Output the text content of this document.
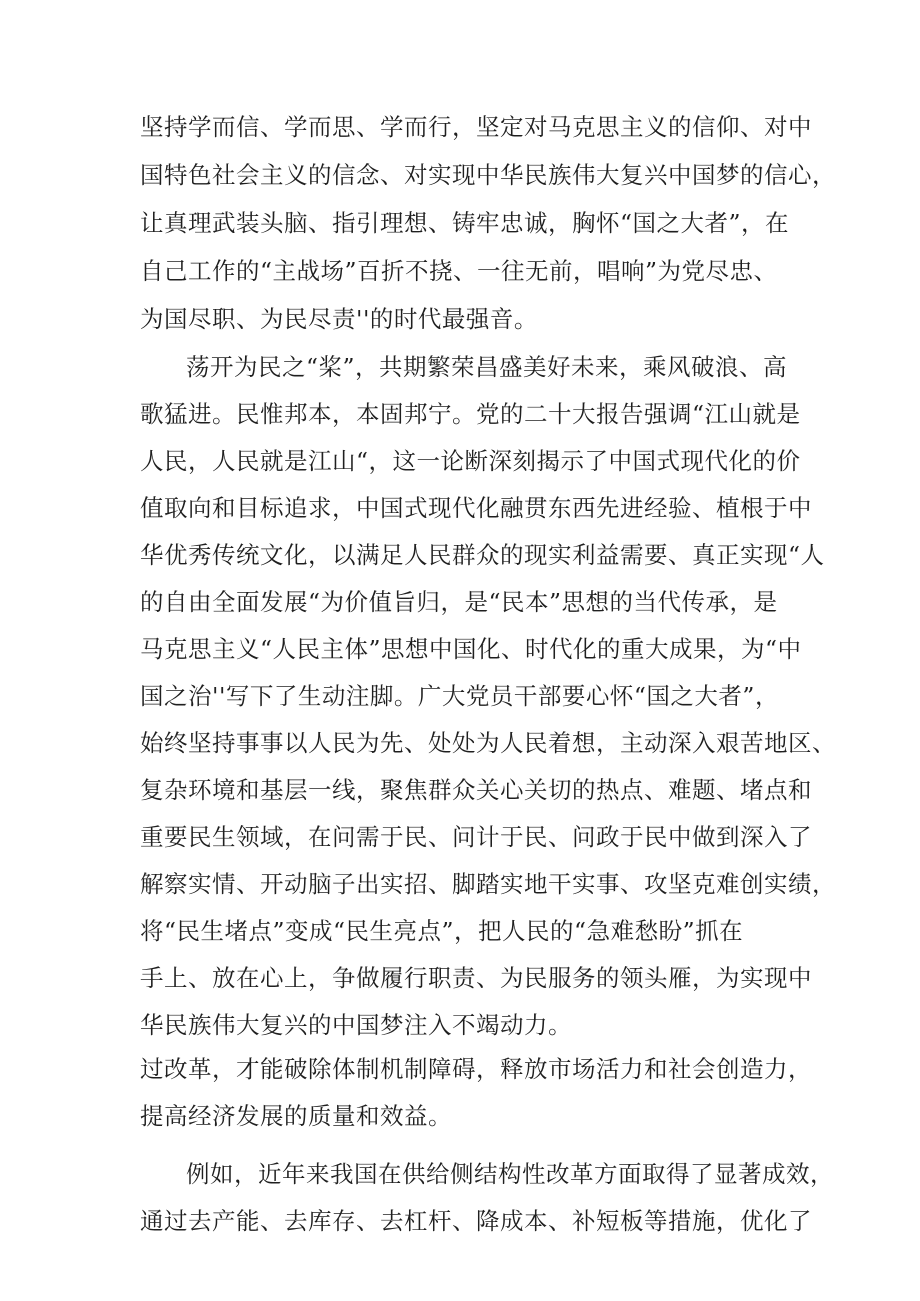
坚持学而信、学而思、学而行，坚定对马克思主义的信仰、对中
国特色社会主义的信念、对实现中华民族伟大复兴中国梦的信心，
让真理武装头脑、指引理想、铸牢忠诚，胸怀“国之大者”，在
自己工作的“主战场”百折不挠、一往无前，唱响”为党尽忠、
为国尽职、为民尽责''的时代最强音。
荡开为民之“桨”，共期繁荣昌盛美好未来，乘风破浪、高
歌猛进。民惟邦本，本固邦宁。党的二十大报告强调“江山就是
人民，人民就是江山“，这一论断深刻揭示了中国式现代化的价
值取向和目标追求，中国式现代化融贯东西先进经验、植根于中
华优秀传统文化，以满足人民群众的现实利益需要、真正实现“人
的自由全面发展“为价值旨归，是“民本”思想的当代传承，是
马克思主义“人民主体”思想中国化、时代化的重大成果，为“中
国之治''写下了生动注脚。广大党员干部要心怀“国之大者”，
始终坚持事事以人民为先、处处为人民着想，主动深入艰苦地区、
复杂环境和基层一线，聚焦群众关心关切的热点、难题、堵点和
重要民生领域，在问需于民、问计于民、问政于民中做到深入了
解察实情、开动脑子出实招、脚踏实地干实事、攻坚克难创实绩，
将“民生堵点”变成“民生亮点”，把人民的“急难愁盼”抓在
手上、放在心上，争做履行职责、为民服务的领头雁，为实现中
华民族伟大复兴的中国梦注入不竭动力。
过改革，才能破除体制机制障碍，释放市场活力和社会创造力，
提高经济发展的质量和效益。
例如，近年来我国在供给侧结构性改革方面取得了显著成效，
通过去产能、去库存、去杠杆、降成本、补短板等措施，优化了
